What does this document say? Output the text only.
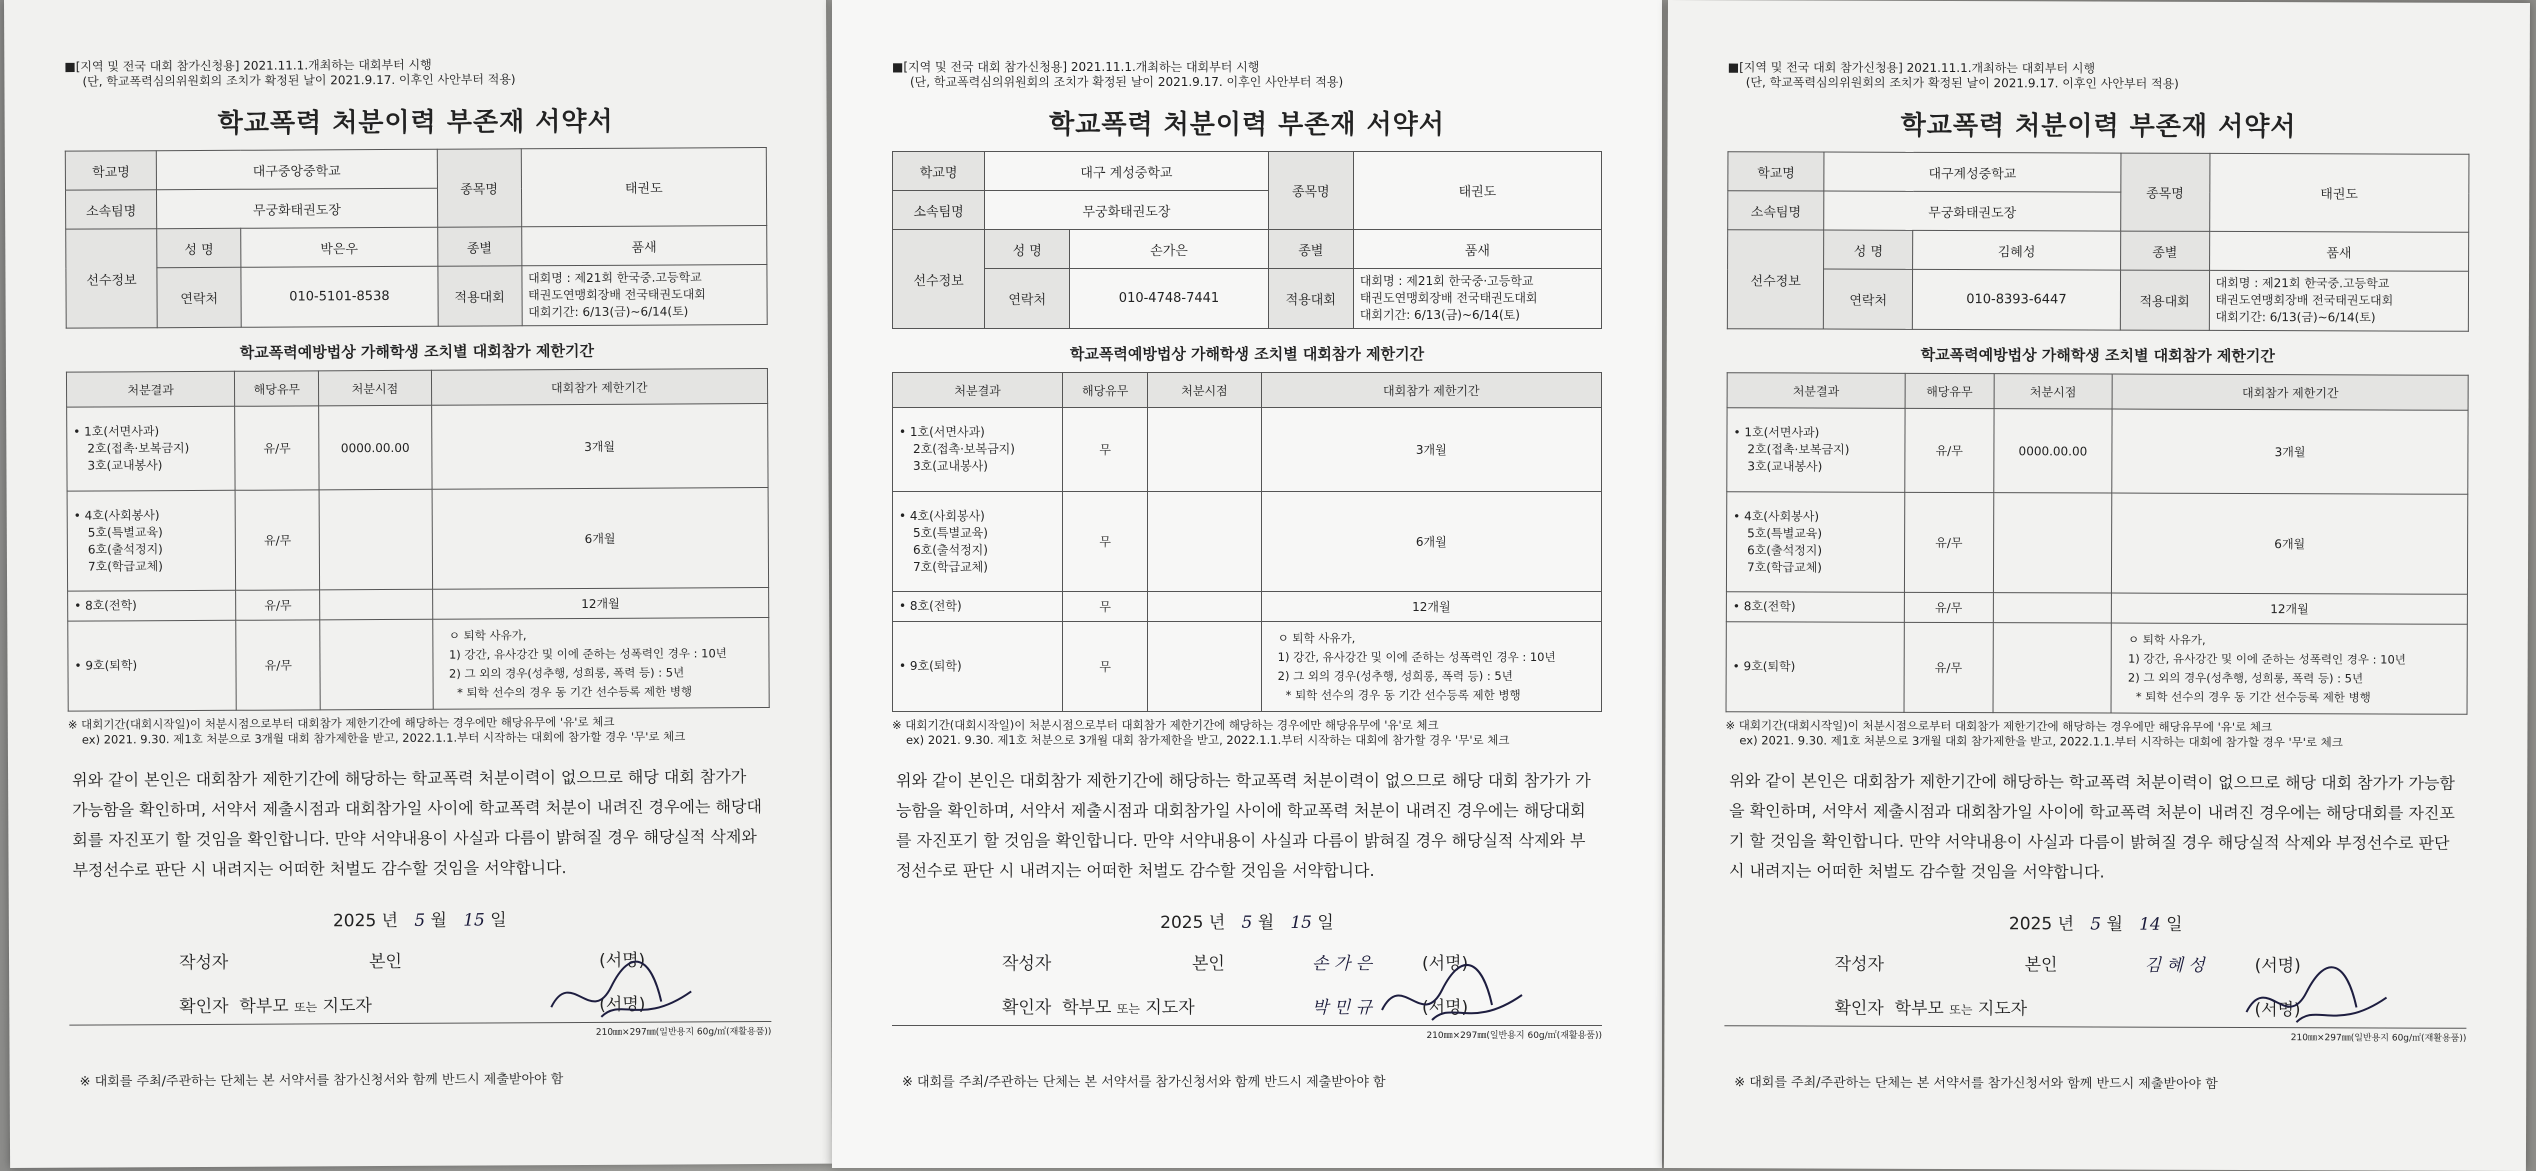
■[지역 및 전국 대회 참가신청용] 2021.11.1.개최하는 대회부터 시행
(단, 학교폭력심의위원회의 조치가 확정된 날이 2021.9.17. 이후인 사안부터 적용)
학교폭력 처분이력 부존재 서약서
학교명	대구중앙중학교		종목명	태권도
소속팀명	무궁화태권도장			
선수정보	성 명	박은우	종별	품새
	연락처	010-5101-8538	적용대회	대회명 : 제21회 한국중.고등학교
태권도연맹회장배 전국태권도대회
대회기간: 6/13(금)~6/14(토)
학교폭력예방법상 가해학생 조치별 대회참가 제한기간
처분결과	해당유무	처분시점	대회참가 제한기간

• 1호(서면사과)
2호(접촉·보복금지)
3호(교내봉사)	유/무	0000.00.00	3개월

• 4호(사회봉사)
5호(특별교육)
6호(출석정지)
7호(학급교체)	유/무		6개월

• 8호(전학)	유/무		12개월

• 9호(퇴학)	유/무		ㅇ 퇴학 사유가,
1) 강간, 유사강간 및 이에 준하는 성폭력인 경우 : 10년
2) 그 외의 경우(성추행, 성희롱, 폭력 등) : 5년
* 퇴학 선수의 경우 동 기간 선수등록 제한 병행
※ 대회기간(대회시작일)이 처분시점으로부터 대회참가 제한기간에 해당하는 경우에만 해당유무에 '유'로 체크
ex) 2021. 9.30. 제1호 처분으로 3개월 대회 참가제한을 받고, 2022.1.1.부터 시작하는 대회에 참가할 경우 '무'로 체크
위와 같이 본인은 대회참가 제한기간에 해당하는 학교폭력 처분이력이 없으므로 해당 대회 참가가 가능함을 확인하며, 서약서 제출시점과 대회참가일 사이에 학교폭력 처분이 내려진 경우에는 해당대회를 자진포기 할 것임을 확인합니다. 만약 서약내용이 사실과 다름이 밝혀질 경우 해당실적 삭제와 부정선수로 판단 시 내려지는 어떠한 처벌도 감수할 것임을 서약합니다.
2025 년 5 월 15 일
작성자	본인	(서명)
확인자 학부모 또는 지도자	(서명)
210㎜×297㎜(일반용지 60g/㎡(재활용품))
※ 대회를 주최/주관하는 단체는 본 서약서를 참가신청서와 함께 반드시 제출받아야 함
■[지역 및 전국 대회 참가신청용] 2021.11.1.개최하는 대회부터 시행
(단, 학교폭력심의위원회의 조치가 확정된 날이 2021.9.17. 이후인 사안부터 적용)
학교폭력 처분이력 부존재 서약서
학교명	대구 계성중학교		종목명	태권도
소속팀명	무궁화태권도장			
선수정보	성 명	손가은	종별	품새
	연락처	010-4748-7441	적용대회	대회명 : 제21회 한국중·고등학교
태권도연맹회장배 전국태권도대회
대회기간: 6/13(금)~6/14(토)
학교폭력예방법상 가해학생 조치별 대회참가 제한기간
처분결과	해당유무	처분시점	대회참가 제한기간

• 1호(서면사과)
2호(접촉·보복금지)
3호(교내봉사)	무		3개월

• 4호(사회봉사)
5호(특별교육)
6호(출석정지)
7호(학급교체)	무		6개월

• 8호(전학)	무		12개월

• 9호(퇴학)	무		ㅇ 퇴학 사유가,
1) 강간, 유사강간 및 이에 준하는 성폭력인 경우 : 10년
2) 그 외의 경우(성추행, 성희롱, 폭력 등) : 5년
* 퇴학 선수의 경우 동 기간 선수등록 제한 병행
※ 대회기간(대회시작일)이 처분시점으로부터 대회참가 제한기간에 해당하는 경우에만 해당유무에 '유'로 체크
ex) 2021. 9.30. 제1호 처분으로 3개월 대회 참가제한을 받고, 2022.1.1.부터 시작하는 대회에 참가할 경우 '무'로 체크
위와 같이 본인은 대회참가 제한기간에 해당하는 학교폭력 처분이력이 없으므로 해당 대회 참가가 가능함을 확인하며, 서약서 제출시점과 대회참가일 사이에 학교폭력 처분이 내려진 경우에는 해당대회를 자진포기 할 것임을 확인합니다. 만약 서약내용이 사실과 다름이 밝혀질 경우 해당실적 삭제와 부정선수로 판단 시 내려지는 어떠한 처벌도 감수할 것임을 서약합니다.
2025 년 5 월 15 일
작성자	본인	손 가 은	(서명)
확인자 학부모 또는 지도자	박 민 규	(서명)
210㎜×297㎜(일반용지 60g/㎡(재활용품))
※ 대회를 주최/주관하는 단체는 본 서약서를 참가신청서와 함께 반드시 제출받아야 함
■[지역 및 전국 대회 참가신청용] 2021.11.1.개최하는 대회부터 시행
(단, 학교폭력심의위원회의 조치가 확정된 날이 2021.9.17. 이후인 사안부터 적용)
학교폭력 처분이력 부존재 서약서
학교명	대구계성중학교		종목명	태권도
소속팀명	무궁화태권도장			
선수정보	성 명	김혜성	종별	품새
	연락처	010-8393-6447	적용대회	대회명 : 제21회 한국중.고등학교
태권도연맹회장배 전국태권도대회
대회기간: 6/13(금)~6/14(토)
학교폭력예방법상 가해학생 조치별 대회참가 제한기간
처분결과	해당유무	처분시점	대회참가 제한기간

• 1호(서면사과)
2호(접촉·보복금지)
3호(교내봉사)	유/무	0000.00.00	3개월

• 4호(사회봉사)
5호(특별교육)
6호(출석정지)
7호(학급교체)	유/무		6개월

• 8호(전학)	유/무		12개월

• 9호(퇴학)	유/무		ㅇ 퇴학 사유가,
1) 강간, 유사강간 및 이에 준하는 성폭력인 경우 : 10년
2) 그 외의 경우(성추행, 성희롱, 폭력 등) : 5년
* 퇴학 선수의 경우 동 기간 선수등록 제한 병행
※ 대회기간(대회시작일)이 처분시점으로부터 대회참가 제한기간에 해당하는 경우에만 해당유무에 '유'로 체크
ex) 2021. 9.30. 제1호 처분으로 3개월 대회 참가제한을 받고, 2022.1.1.부터 시작하는 대회에 참가할 경우 '무'로 체크
위와 같이 본인은 대회참가 제한기간에 해당하는 학교폭력 처분이력이 없으므로 해당 대회 참가가 가능함을 확인하며, 서약서 제출시점과 대회참가일 사이에 학교폭력 처분이 내려진 경우에는 해당대회를 자진포기 할 것임을 확인합니다. 만약 서약내용이 사실과 다름이 밝혀질 경우 해당실적 삭제와 부정선수로 판단 시 내려지는 어떠한 처벌도 감수할 것임을 서약합니다.
2025 년 5 월 14 일
작성자	본인	김 혜 성	(서명)
확인자 학부모 또는 지도자	(서명)
210㎜×297㎜(일반용지 60g/㎡(재활용품))
※ 대회를 주최/주관하는 단체는 본 서약서를 참가신청서와 함께 반드시 제출받아야 함
